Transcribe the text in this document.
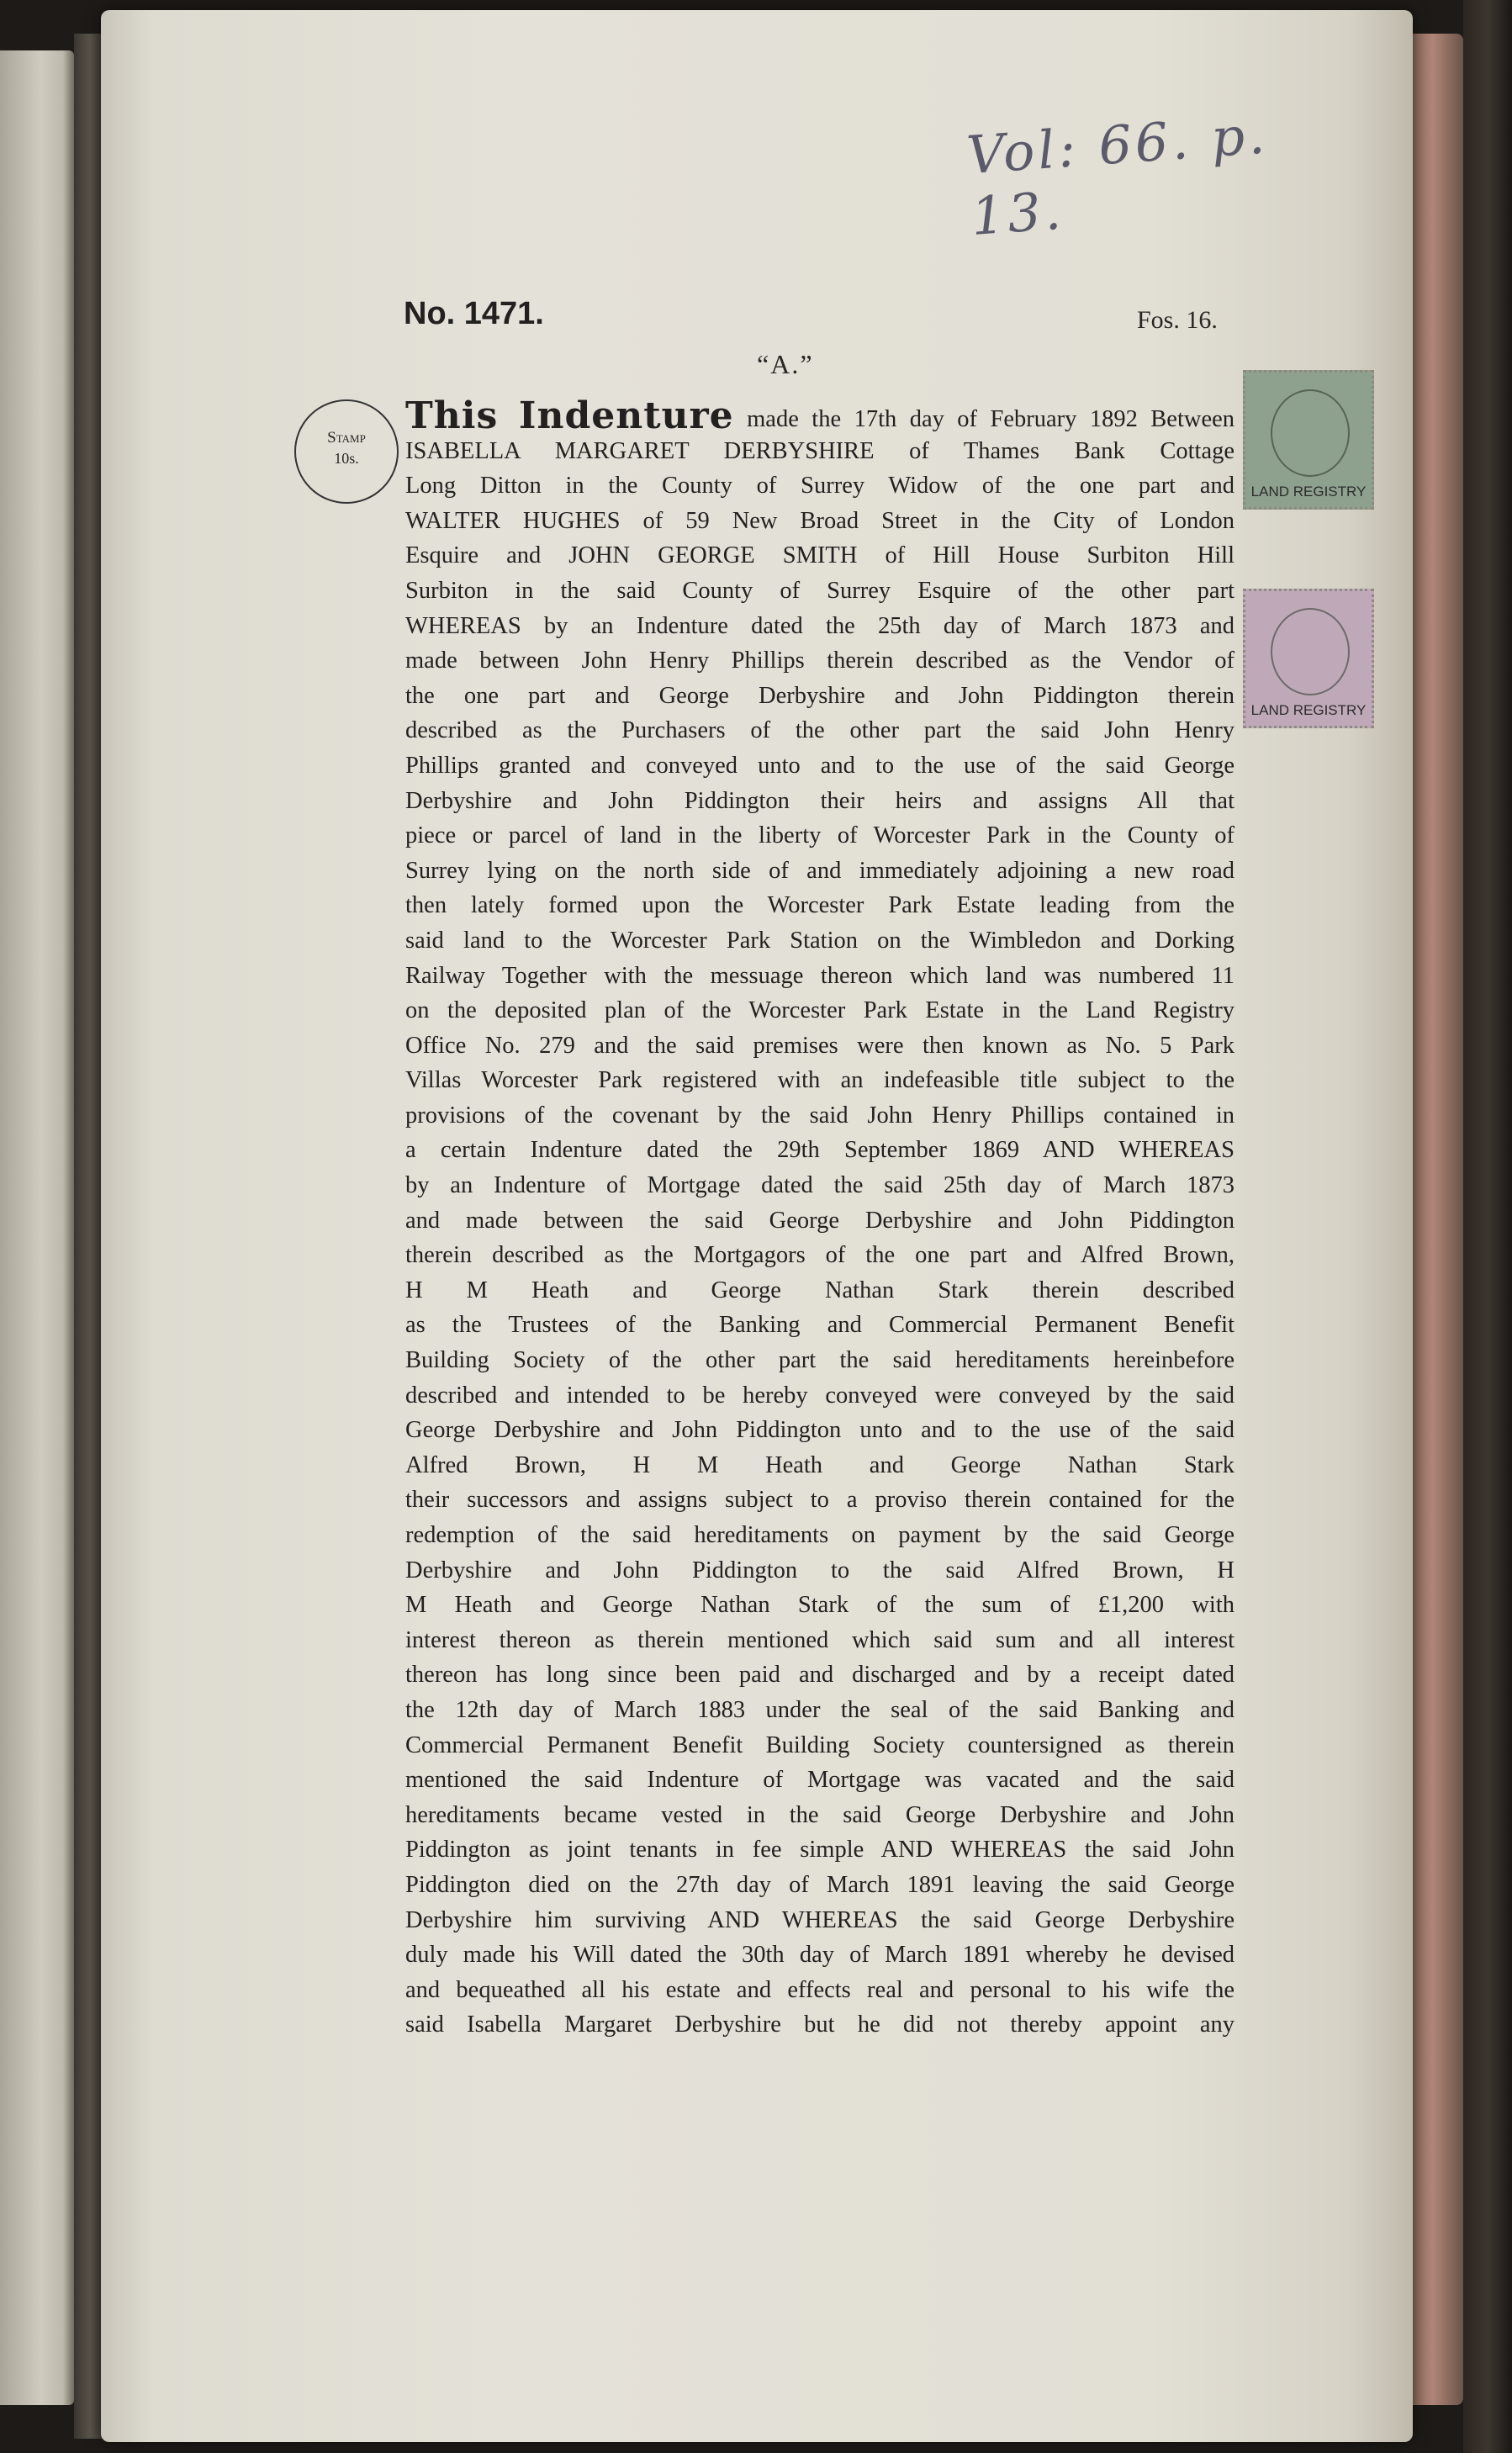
Vol: 66. p. 13.
No. 1471.	Fos. 16.
“A.”
Stamp
10s.
LAND REGISTRY
LAND REGISTRY
This Indenture made the 17th day of February 1892 Between
ISABELLA MARGARET DERBYSHIRE of Thames Bank Cottage
Long Ditton in the County of Surrey Widow of the one part and
WALTER HUGHES of 59 New Broad Street in the City of London
Esquire and JOHN GEORGE SMITH of Hill House Surbiton Hill
Surbiton in the said County of Surrey Esquire of the other part
WHEREAS by an Indenture dated the 25th day of March 1873 and
made between John Henry Phillips therein described as the Vendor of
the one part and George Derbyshire and John Piddington therein
described as the Purchasers of the other part the said John Henry
Phillips granted and conveyed unto and to the use of the said George
Derbyshire and John Piddington their heirs and assigns All that
piece or parcel of land in the liberty of Worcester Park in the County of
Surrey lying on the north side of and immediately adjoining a new road
then lately formed upon the Worcester Park Estate leading from the
said land to the Worcester Park Station on the Wimbledon and Dorking
Railway Together with the messuage thereon which land was numbered 11
on the deposited plan of the Worcester Park Estate in the Land Registry
Office No. 279 and the said premises were then known as No. 5 Park
Villas Worcester Park registered with an indefeasible title subject to the
provisions of the covenant by the said John Henry Phillips contained in
a certain Indenture dated the 29th September 1869 AND WHEREAS
by an Indenture of Mortgage dated the said 25th day of March 1873
and made between the said George Derbyshire and John Piddington
therein described as the Mortgagors of the one part and Alfred Brown,
H M Heath and George Nathan Stark therein described
as the Trustees of the Banking and Commercial Permanent Benefit
Building Society of the other part the said hereditaments hereinbefore
described and intended to be hereby conveyed were conveyed by the said
George Derbyshire and John Piddington unto and to the use of the said
Alfred Brown, H M Heath and George Nathan Stark
their successors and assigns subject to a proviso therein contained for the
redemption of the said hereditaments on payment by the said George
Derbyshire and John Piddington to the said Alfred Brown, H
M Heath and George Nathan Stark of the sum of £1,200 with
interest thereon as therein mentioned which said sum and all interest
thereon has long since been paid and discharged and by a receipt dated
the 12th day of March 1883 under the seal of the said Banking and
Commercial Permanent Benefit Building Society countersigned as therein
mentioned the said Indenture of Mortgage was vacated and the said
hereditaments became vested in the said George Derbyshire and John
Piddington as joint tenants in fee simple AND WHEREAS the said John
Piddington died on the 27th day of March 1891 leaving the said George
Derbyshire him surviving AND WHEREAS the said George Derbyshire
duly made his Will dated the 30th day of March 1891 whereby he devised
and bequeathed all his estate and effects real and personal to his wife the
said Isabella Margaret Derbyshire but he did not thereby appoint any
